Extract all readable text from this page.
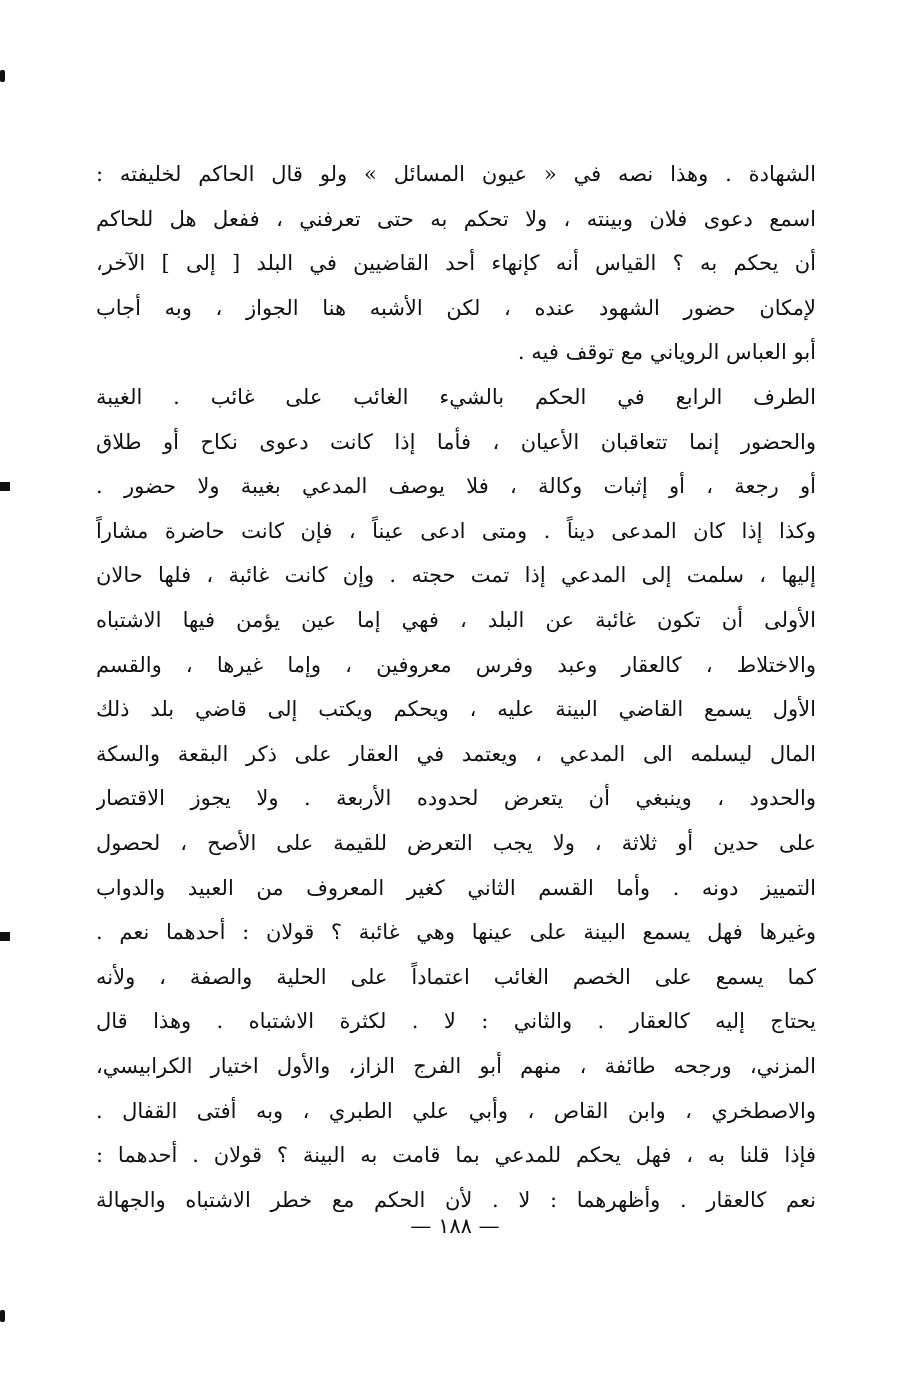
الشهادة . وهذا نصه في « عيون المسائل » ولو قال الحاكم لخليفته :
اسمع دعوى فلان وبينته ، ولا تحكم به حتى تعرفني ، ففعل هل للحاكم
أن يحكم به ؟ القياس أنه كإنهاء أحد القاضيين في البلد [ إلى ] الآخر،
لإمكان حضور الشهود عنده ، لكن الأشبه هنا الجواز ، وبه أجاب
أبو العباس الروياني مع توقف فيه .
الطرف الرابع في الحكم بالشيء الغائب على غائب . الغيبة
والحضور إنما تتعاقبان الأعيان ، فأما إذا كانت دعوى نكاح أو طلاق
أو رجعة ، أو إثبات وكالة ، فلا يوصف المدعي بغيبة ولا حضور .
وكذا إذا كان المدعى ديناً . ومتى ادعى عيناً ، فإن كانت حاضرة مشاراً
إليها ، سلمت إلى المدعي إذا تمت حجته . وإن كانت غائبة ، فلها حالان
الأولى أن تكون غائبة عن البلد ، فهي إما عين يؤمن فيها الاشتباه
والاختلاط ، كالعقار وعبد وفرس معروفين ، وإما غيرها ، والقسم
الأول يسمع القاضي البينة عليه ، ويحكم ويكتب إلى قاضي بلد ذلك
المال ليسلمه الى المدعي ، ويعتمد في العقار على ذكر البقعة والسكة
والحدود ، وينبغي أن يتعرض لحدوده الأربعة . ولا يجوز الاقتصار
على حدين أو ثلاثة ، ولا يجب التعرض للقيمة على الأصح ، لحصول
التمييز دونه . وأما القسم الثاني كغير المعروف من العبيد والدواب
وغيرها فهل يسمع البينة على عينها وهي غائبة ؟ قولان : أحدهما نعم .
كما يسمع على الخصم الغائب اعتماداً على الحلية والصفة ، ولأنه
يحتاج إليه كالعقار . والثاني : لا . لكثرة الاشتباه . وهذا قال
المزني، ورجحه طائفة ، منهم أبو الفرج الزاز، والأول اختيار الكرابيسي،
والاصطخري ، وابن القاص ، وأبي علي الطبري ، وبه أفتى القفال .
فإذا قلنا به ، فهل يحكم للمدعي بما قامت به البينة ؟ قولان . أحدهما :
نعم كالعقار . وأظهرهما : لا . لأن الحكم مع خطر الاشتباه والجهالة
— ١٨٨ —
